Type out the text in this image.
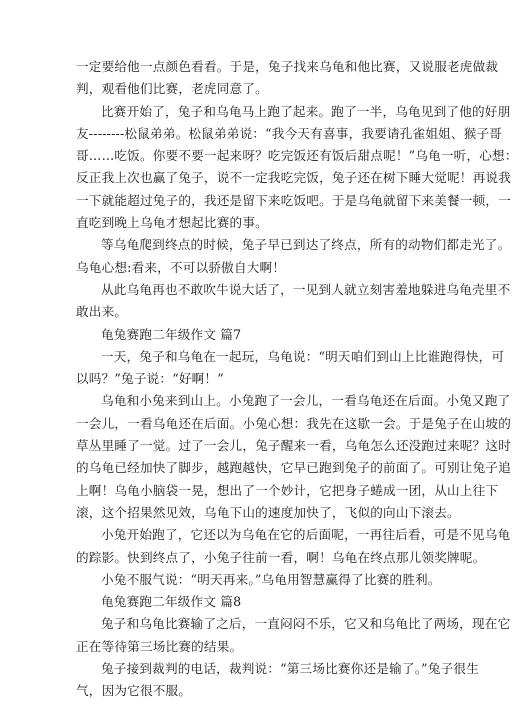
一定要给他一点颜色看看。于是，兔子找来乌龟和他比赛，又说服老虎做裁
判，观看他们比赛，老虎同意了。
比赛开始了，兔子和乌龟马上跑了起来。跑了一半，乌龟见到了他的好朋
友--------松鼠弟弟。松鼠弟弟说：“我今天有喜事，我要请孔雀姐姐、猴子哥
哥……吃饭。你要不要一起来呀？吃完饭还有饭后甜点呢！”乌龟一听，心想：
反正我上次也赢了兔子，说不一定我吃完饭，兔子还在树下睡大觉呢！再说我
一下就能超过兔子的，我还是留下来吃饭吧。于是乌龟就留下来美餐一顿，一
直吃到晚上乌龟才想起比赛的事。
等乌龟爬到终点的时候，兔子早已到达了终点，所有的动物们都走光了。
乌龟心想:看来，不可以骄傲自大啊！
从此乌龟再也不敢吹牛说大话了，一见到人就立刻害羞地躲进乌龟壳里不
敢出来。
龟兔赛跑二年级作文 篇7
一天，兔子和乌龟在一起玩，乌龟说：“明天咱们到山上比谁跑得快，可
以吗？”兔子说：“好啊！”
乌龟和小兔来到山上。小兔跑了一会儿，一看乌龟还在后面。小兔又跑了
一会儿，一看乌龟还在后面。小兔心想：我先在这歇一会。于是兔子在山坡的
草丛里睡了一觉。过了一会儿，兔子醒来一看，乌龟怎么还没跑过来呢？这时
的乌龟已经加快了脚步，越跑越快，它早已跑到兔子的前面了。可别让兔子追
上啊！乌龟小脑袋一晃，想出了一个妙计，它把身子蜷成一团，从山上往下
滚，这个招果然见效，乌龟下山的速度加快了，飞似的向山下滚去。
小兔开始跑了，它还以为乌龟在它的后面呢，一再往后看，可是不见乌龟
的踪影。快到终点了，小兔子往前一看，啊！乌龟在终点那儿领奖牌呢。
小兔不服气说：“明天再来。”乌龟用智慧赢得了比赛的胜利。
龟兔赛跑二年级作文 篇8
兔子和乌龟比赛输了之后，一直闷闷不乐，它又和乌龟比了两场，现在它
正在等待第三场比赛的结果。
兔子接到裁判的电话，裁判说：“第三场比赛你还是输了。”兔子很生
气，因为它很不服。
